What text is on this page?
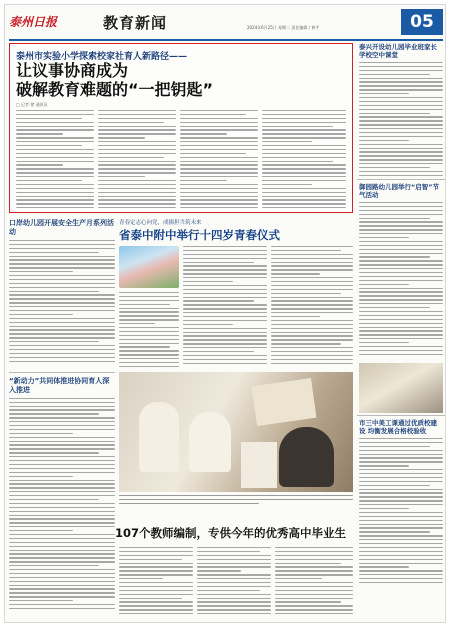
泰州日报	教育新闻	2024年6月25日 星期二 责任编辑 / 黄平	05
泰州市实验小学探索校家社育人新路径——
让议事协商成为
破解教育难题的“一把钥匙”
□ 记者 徐 通讯员
泰兴开设幼儿园毕业班家长学校空中课堂
御园路幼儿园举行“启智”节气活动
市三中美工课通过优质校建设 均衡发展合格校验收
口岸幼儿园开展安全生产月系列活动
“新动力”共同体推进协同育人深入推进
青春定志心向党，成揚担当筑未来
省泰中附中举行十四岁青春仪式
107个教师编制，专供今年的优秀高中毕业生
